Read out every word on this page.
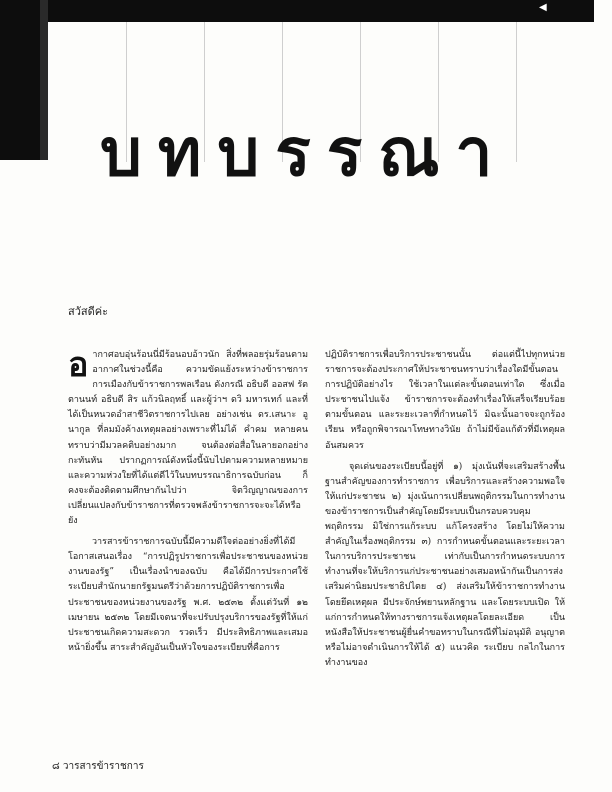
◀
บทบรรณา
สวัสดีค่ะ

อากาศอบอุ่นร้อนนี่มีร้อนอบอ้าวนัก สิ่งที่พลอยรุ่มร้อนตามอากาศในช่วงนี้คือ ความขัดแย้งระหว่างข้าราชการการเมืองกับข้าราชการพลเรือน ดังกรณี อธิบดี ออสฟ รัตตานนท์ อธิบดี สิร แก้วนิลฤทธิ์ และผู้ว่าฯ ดวิ มหารเทก์ และที่ได้เป็นหนวดอำสาชีวิตราชการไปเลย อย่างเช่น ดร.เสนาะ อูนากูล ที่ลมมังค้างเหตุผลอย่างเพราะที่ไม่ได้ คำคม หลายคนทราบว่ามีมวลคติบอย่างมาก จนต้องต่อสื่อในลายอกอย่างกะทันหัน ปรากฏการณ์ดังหนึ่งนี้นับไปตามความหลายหมาย และความห่วงใยที่ได้แต่ดีไว้ในบทบรรณาธิการฉบับก่อน ก็คงจะต้องติดตามศึกษากันไปว่า จิตวิญญาณของการเปลี่ยนแปลงกับข้าราชการที่ตรวจพลังข้าราชการจะจะได้หรือยัง

วารสารข้าราชการฉบับนี้มีความดีใจต่ออย่างยิ่งที่ได้มีโอกาสเสนอเรื่อง “การปฏิรูปราชการเพื่อประชาชนของหน่วยงานของรัฐ” เป็นเรื่องนำของฉบับ คือได้มีการประกาศใช้ระเบียบสำนักนายกรัฐมนตรีว่าด้วยการปฏิบัติราชการเพื่อประชาชนของหน่วยงานของรัฐ พ.ศ. ๒๕๓๒ ตั้งแต่วันที่ ๑๒ เมษายน ๒๕๓๒ โดยมีเจตนาที่จะปรับปรุงบริการของรัฐที่ให้แก่ประชาชนเกิดความสะดวก รวดเร็ว มีประสิทธิภาพและเสมอหน้ายิ่งขึ้น สาระสำคัญอันเป็นหัวใจของระเบียบที่คือการ

ปฏิบัติราชการเพื่อบริการประชาชนนั้น ต่อแต่นี้ไปทุกหน่วยราชการจะต้องประกาศให้ประชาชนทราบว่าเรื่องใดมีขั้นตอนการปฏิบัติอย่างไร ใช้เวลาในแต่ละขั้นตอนเท่าใด ซึ่งเมื่อประชาชนไปแจ้ง ข้าราชการจะต้องทำเรื่องให้เสร็จเรียบร้อยตามขั้นตอน และระยะเวลาที่กำหนดไว้ มิฉะนั้นอาจจะถูกร้องเรียน หรือถูกพิจารณาโทษทางวินัย ถ้าไม่มีข้อแก้ตัวที่มีเหตุผลอันสมควร

จุดเด่นของระเบียบนี้อยู่ที่ ๑) มุ่งเน้นที่จะเสริมสร้างพื้นฐานสำคัญของการทำราชการ เพื่อบริการและสร้างความพอใจให้แก่ประชาชน ๒) มุ่งเน้นการเปลี่ยนพฤติกรรมในการทำงานของข้าราชการเป็นสำคัญโดยมีระบบเป็นกรอบควบคุมพฤติกรรม มิใช่การแก้ระบบ แก้โครงสร้าง โดยไม่ให้ความสำคัญในเรื่องพฤติกรรม ๓) การกำหนดขั้นตอนและระยะเวลาในการบริการประชาชน เท่ากับเป็นการกำหนดระบบการทำงานที่จะให้บริการแก่ประชาชนอย่างเสมอหน้ากันเป็นการส่งเสริมค่านิยมประชาธิปไตย ๔) ส่งเสริมให้ข้าราชการทำงานโดยยึดเหตุผล มีประจักษ์พยานหลักฐาน และโดยระบบเปิด ให้แก่การกำหนดให้ทางราชการแจ้งเหตุผลโดยละเอียด เป็นหนังสือให้ประชาชนผู้ยื่นคำขอทราบในกรณีที่ไม่อนุมัติ อนุญาต หรือไม่อาจดำเนินการให้ได้ ๕) แนวคิด ระเบียบ กลไกในการทำงานของ

๘ วารสารข้าราชการ
